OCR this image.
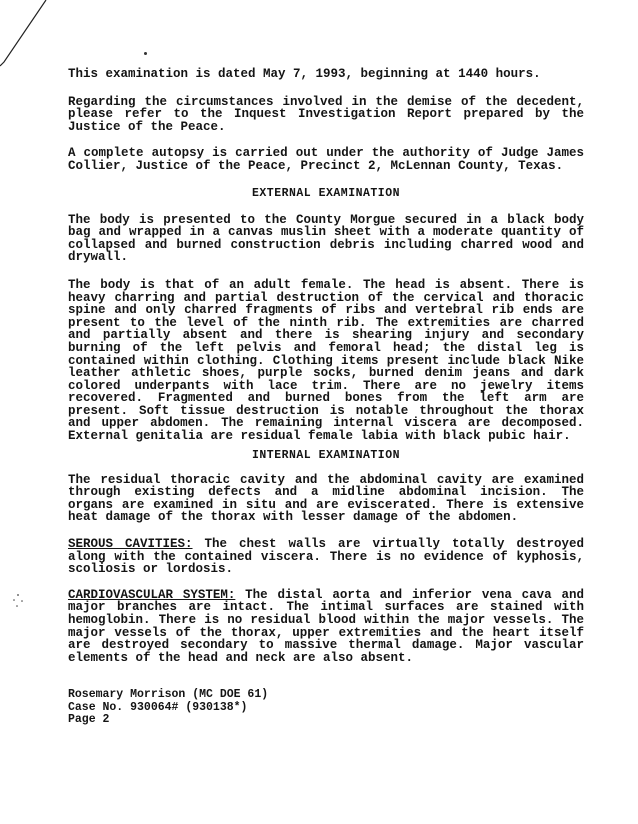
This examination is dated May 7, 1993, beginning at 1440 hours.

Regarding the circumstances involved in the demise of the decedent, please refer to the Inquest Investigation Report prepared by the Justice of the Peace.

A complete autopsy is carried out under the authority of Judge James Collier, Justice of the Peace, Precinct 2, McLennan County, Texas.

EXTERNAL EXAMINATION

The body is presented to the County Morgue secured in a black body bag and wrapped in a canvas muslin sheet with a moderate quantity of collapsed and burned construction debris including charred wood and drywall.

The body is that of an adult female. The head is absent. There is heavy charring and partial destruction of the cervical and thoracic spine and only charred fragments of ribs and vertebral rib ends are present to the level of the ninth rib. The extremities are charred and partially absent and there is shearing injury and secondary burning of the left pelvis and femoral head; the distal leg is contained within clothing. Clothing items present include black Nike leather athletic shoes, purple socks, burned denim jeans and dark colored underpants with lace trim. There are no jewelry items recovered. Fragmented and burned bones from the left arm are present. Soft tissue destruction is notable throughout the thorax and upper abdomen. The remaining internal viscera are decomposed. External genitalia are residual female labia with black pubic hair.

INTERNAL EXAMINATION

The residual thoracic cavity and the abdominal cavity are examined through existing defects and a midline abdominal incision. The organs are examined in situ and are eviscerated. There is extensive heat damage of the thorax with lesser damage of the abdomen.

SEROUS CAVITIES: The chest walls are virtually totally destroyed along with the contained viscera. There is no evidence of kyphosis, scoliosis or lordosis.

CARDIOVASCULAR SYSTEM: The distal aorta and inferior vena cava and major branches are intact. The intimal surfaces are stained with hemoglobin. There is no residual blood within the major vessels. The major vessels of the thorax, upper extremities and the heart itself are destroyed secondary to massive thermal damage. Major vascular elements of the head and neck are also absent.

Rosemary Morrison (MC DOE 61)
Case No. 930064# (930138*)
Page 2
